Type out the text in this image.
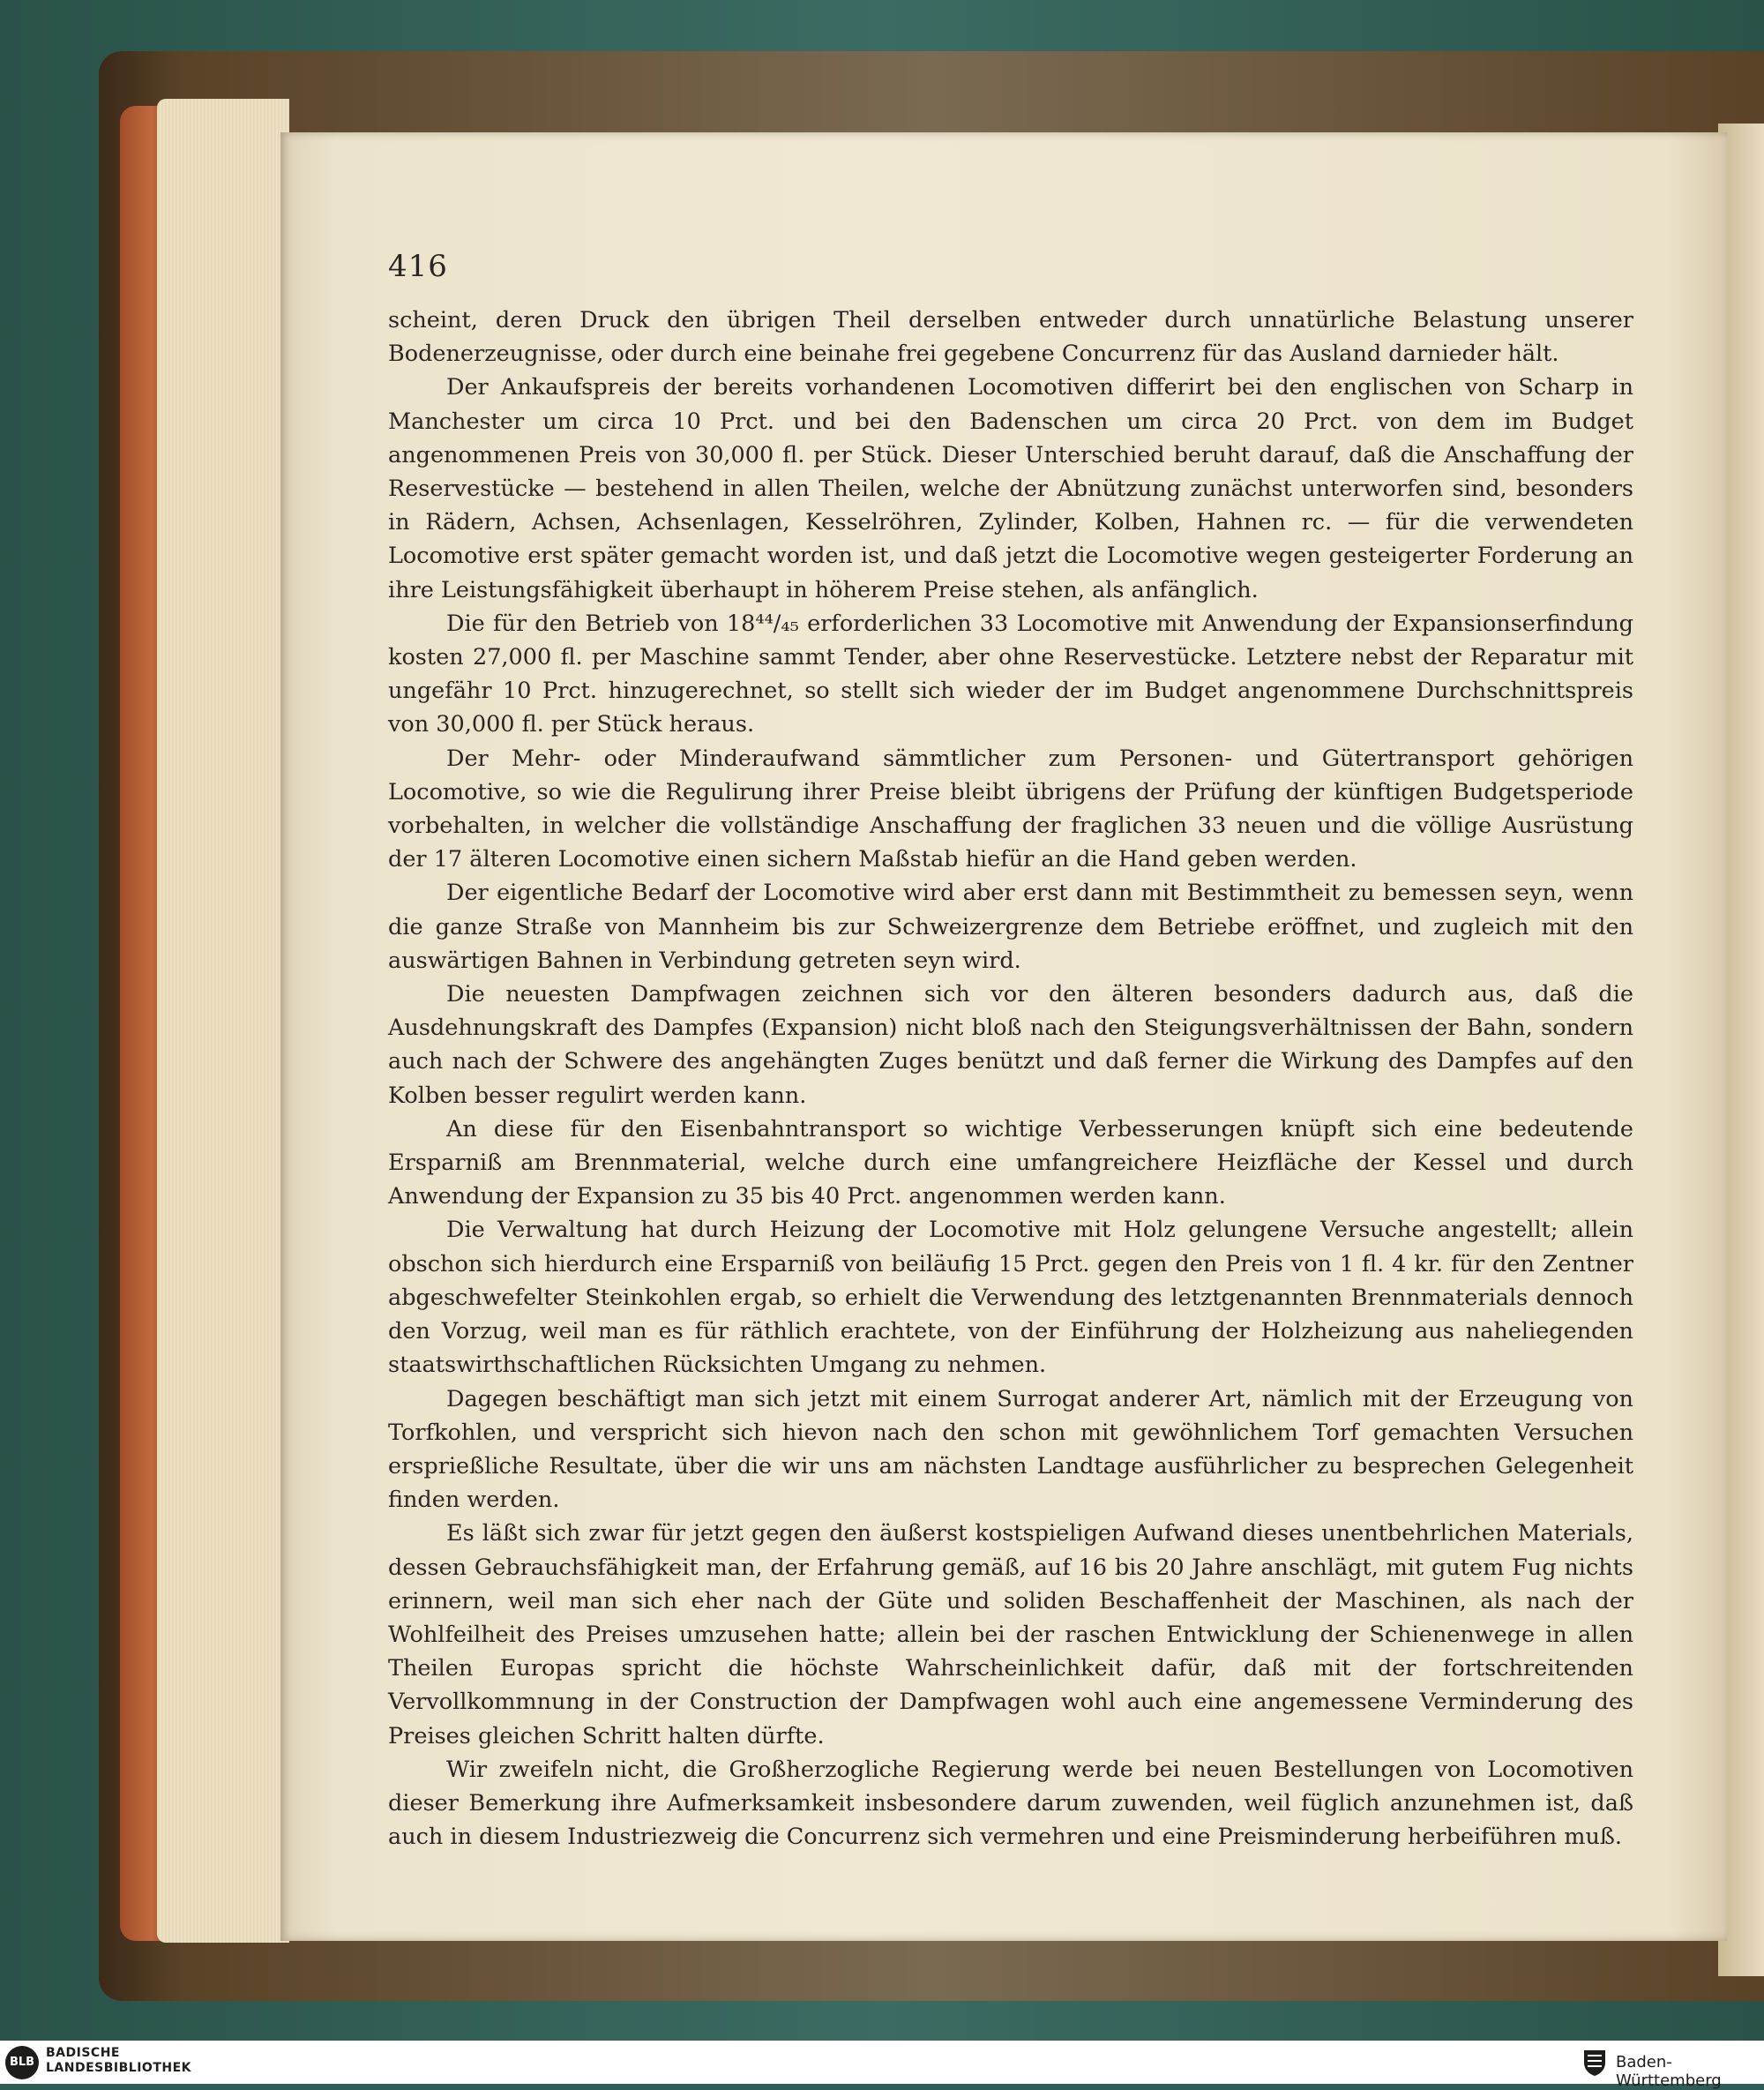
416

scheint, deren Druck den übrigen Theil derselben entweder durch unnatürliche Belastung unserer Bodenerzeugnisse, oder durch eine beinahe frei gegebene Concurrenz für das Ausland darnieder hält.

Der Ankaufspreis der bereits vorhandenen Locomotiven differirt bei den englischen von Scharp in Manchester um circa 10 Prct. und bei den Badenschen um circa 20 Prct. von dem im Budget angenommenen Preis von 30,000 fl. per Stück. Dieser Unterschied beruht darauf, daß die Anschaffung der Reservestücke — bestehend in allen Theilen, welche der Abnützung zunächst unterworfen sind, besonders in Rädern, Achsen, Achsenlagen, Kesselröhren, Zylinder, Kolben, Hahnen rc. — für die verwendeten Locomotive erst später gemacht worden ist, und daß jetzt die Locomotive wegen gesteigerter Forderung an ihre Leistungsfähigkeit überhaupt in höherem Preise stehen, als anfänglich.

Die für den Betrieb von 18⁴⁴/₄₅ erforderlichen 33 Locomotive mit Anwendung der Expansionserfindung kosten 27,000 fl. per Maschine sammt Tender, aber ohne Reservestücke. Letztere nebst der Reparatur mit ungefähr 10 Prct. hinzugerechnet, so stellt sich wieder der im Budget angenommene Durchschnittspreis von 30,000 fl. per Stück heraus.

Der Mehr- oder Minderaufwand sämmtlicher zum Personen- und Gütertransport gehörigen Locomotive, so wie die Regulirung ihrer Preise bleibt übrigens der Prüfung der künftigen Budgetsperiode vorbehalten, in welcher die vollständige Anschaffung der fraglichen 33 neuen und die völlige Ausrüstung der 17 älteren Locomotive einen sichern Maßstab hiefür an die Hand geben werden.

Der eigentliche Bedarf der Locomotive wird aber erst dann mit Bestimmtheit zu bemessen seyn, wenn die ganze Straße von Mannheim bis zur Schweizergrenze dem Betriebe eröffnet, und zugleich mit den auswärtigen Bahnen in Verbindung getreten seyn wird.

Die neuesten Dampfwagen zeichnen sich vor den älteren besonders dadurch aus, daß die Ausdehnungskraft des Dampfes (Expansion) nicht bloß nach den Steigungsverhältnissen der Bahn, sondern auch nach der Schwere des angehängten Zuges benützt und daß ferner die Wirkung des Dampfes auf den Kolben besser regulirt werden kann.

An diese für den Eisenbahntransport so wichtige Verbesserungen knüpft sich eine bedeutende Ersparniß am Brennmaterial, welche durch eine umfangreichere Heizfläche der Kessel und durch Anwendung der Expansion zu 35 bis 40 Prct. angenommen werden kann.

Die Verwaltung hat durch Heizung der Locomotive mit Holz gelungene Versuche angestellt; allein obschon sich hierdurch eine Ersparniß von beiläufig 15 Prct. gegen den Preis von 1 fl. 4 kr. für den Zentner abgeschwefelter Steinkohlen ergab, so erhielt die Verwendung des letztgenannten Brennmaterials dennoch den Vorzug, weil man es für räthlich erachtete, von der Einführung der Holzheizung aus naheliegenden staatswirthschaftlichen Rücksichten Umgang zu nehmen.

Dagegen beschäftigt man sich jetzt mit einem Surrogat anderer Art, nämlich mit der Erzeugung von Torfkohlen, und verspricht sich hievon nach den schon mit gewöhnlichem Torf gemachten Versuchen ersprießliche Resultate, über die wir uns am nächsten Landtage ausführlicher zu besprechen Gelegenheit finden werden.

Es läßt sich zwar für jetzt gegen den äußerst kostspieligen Aufwand dieses unentbehrlichen Materials, dessen Gebrauchsfähigkeit man, der Erfahrung gemäß, auf 16 bis 20 Jahre anschlägt, mit gutem Fug nichts erinnern, weil man sich eher nach der Güte und soliden Beschaffenheit der Maschinen, als nach der Wohlfeilheit des Preises umzusehen hatte; allein bei der raschen Entwicklung der Schienenwege in allen Theilen Europas spricht die höchste Wahrscheinlichkeit dafür, daß mit der fortschreitenden Vervollkommnung in der Construction der Dampfwagen wohl auch eine angemessene Verminderung des Preises gleichen Schritt halten dürfte.

Wir zweifeln nicht, die Großherzogliche Regierung werde bei neuen Bestellungen von Locomotiven dieser Bemerkung ihre Aufmerksamkeit insbesondere darum zuwenden, weil füglich anzunehmen ist, daß auch in diesem Industriezweig die Concurrenz sich vermehren und eine Preisminderung herbeiführen muß.

BLB
BADISCHE
LANDESBIBLIOTHEK	Baden-Württemberg
